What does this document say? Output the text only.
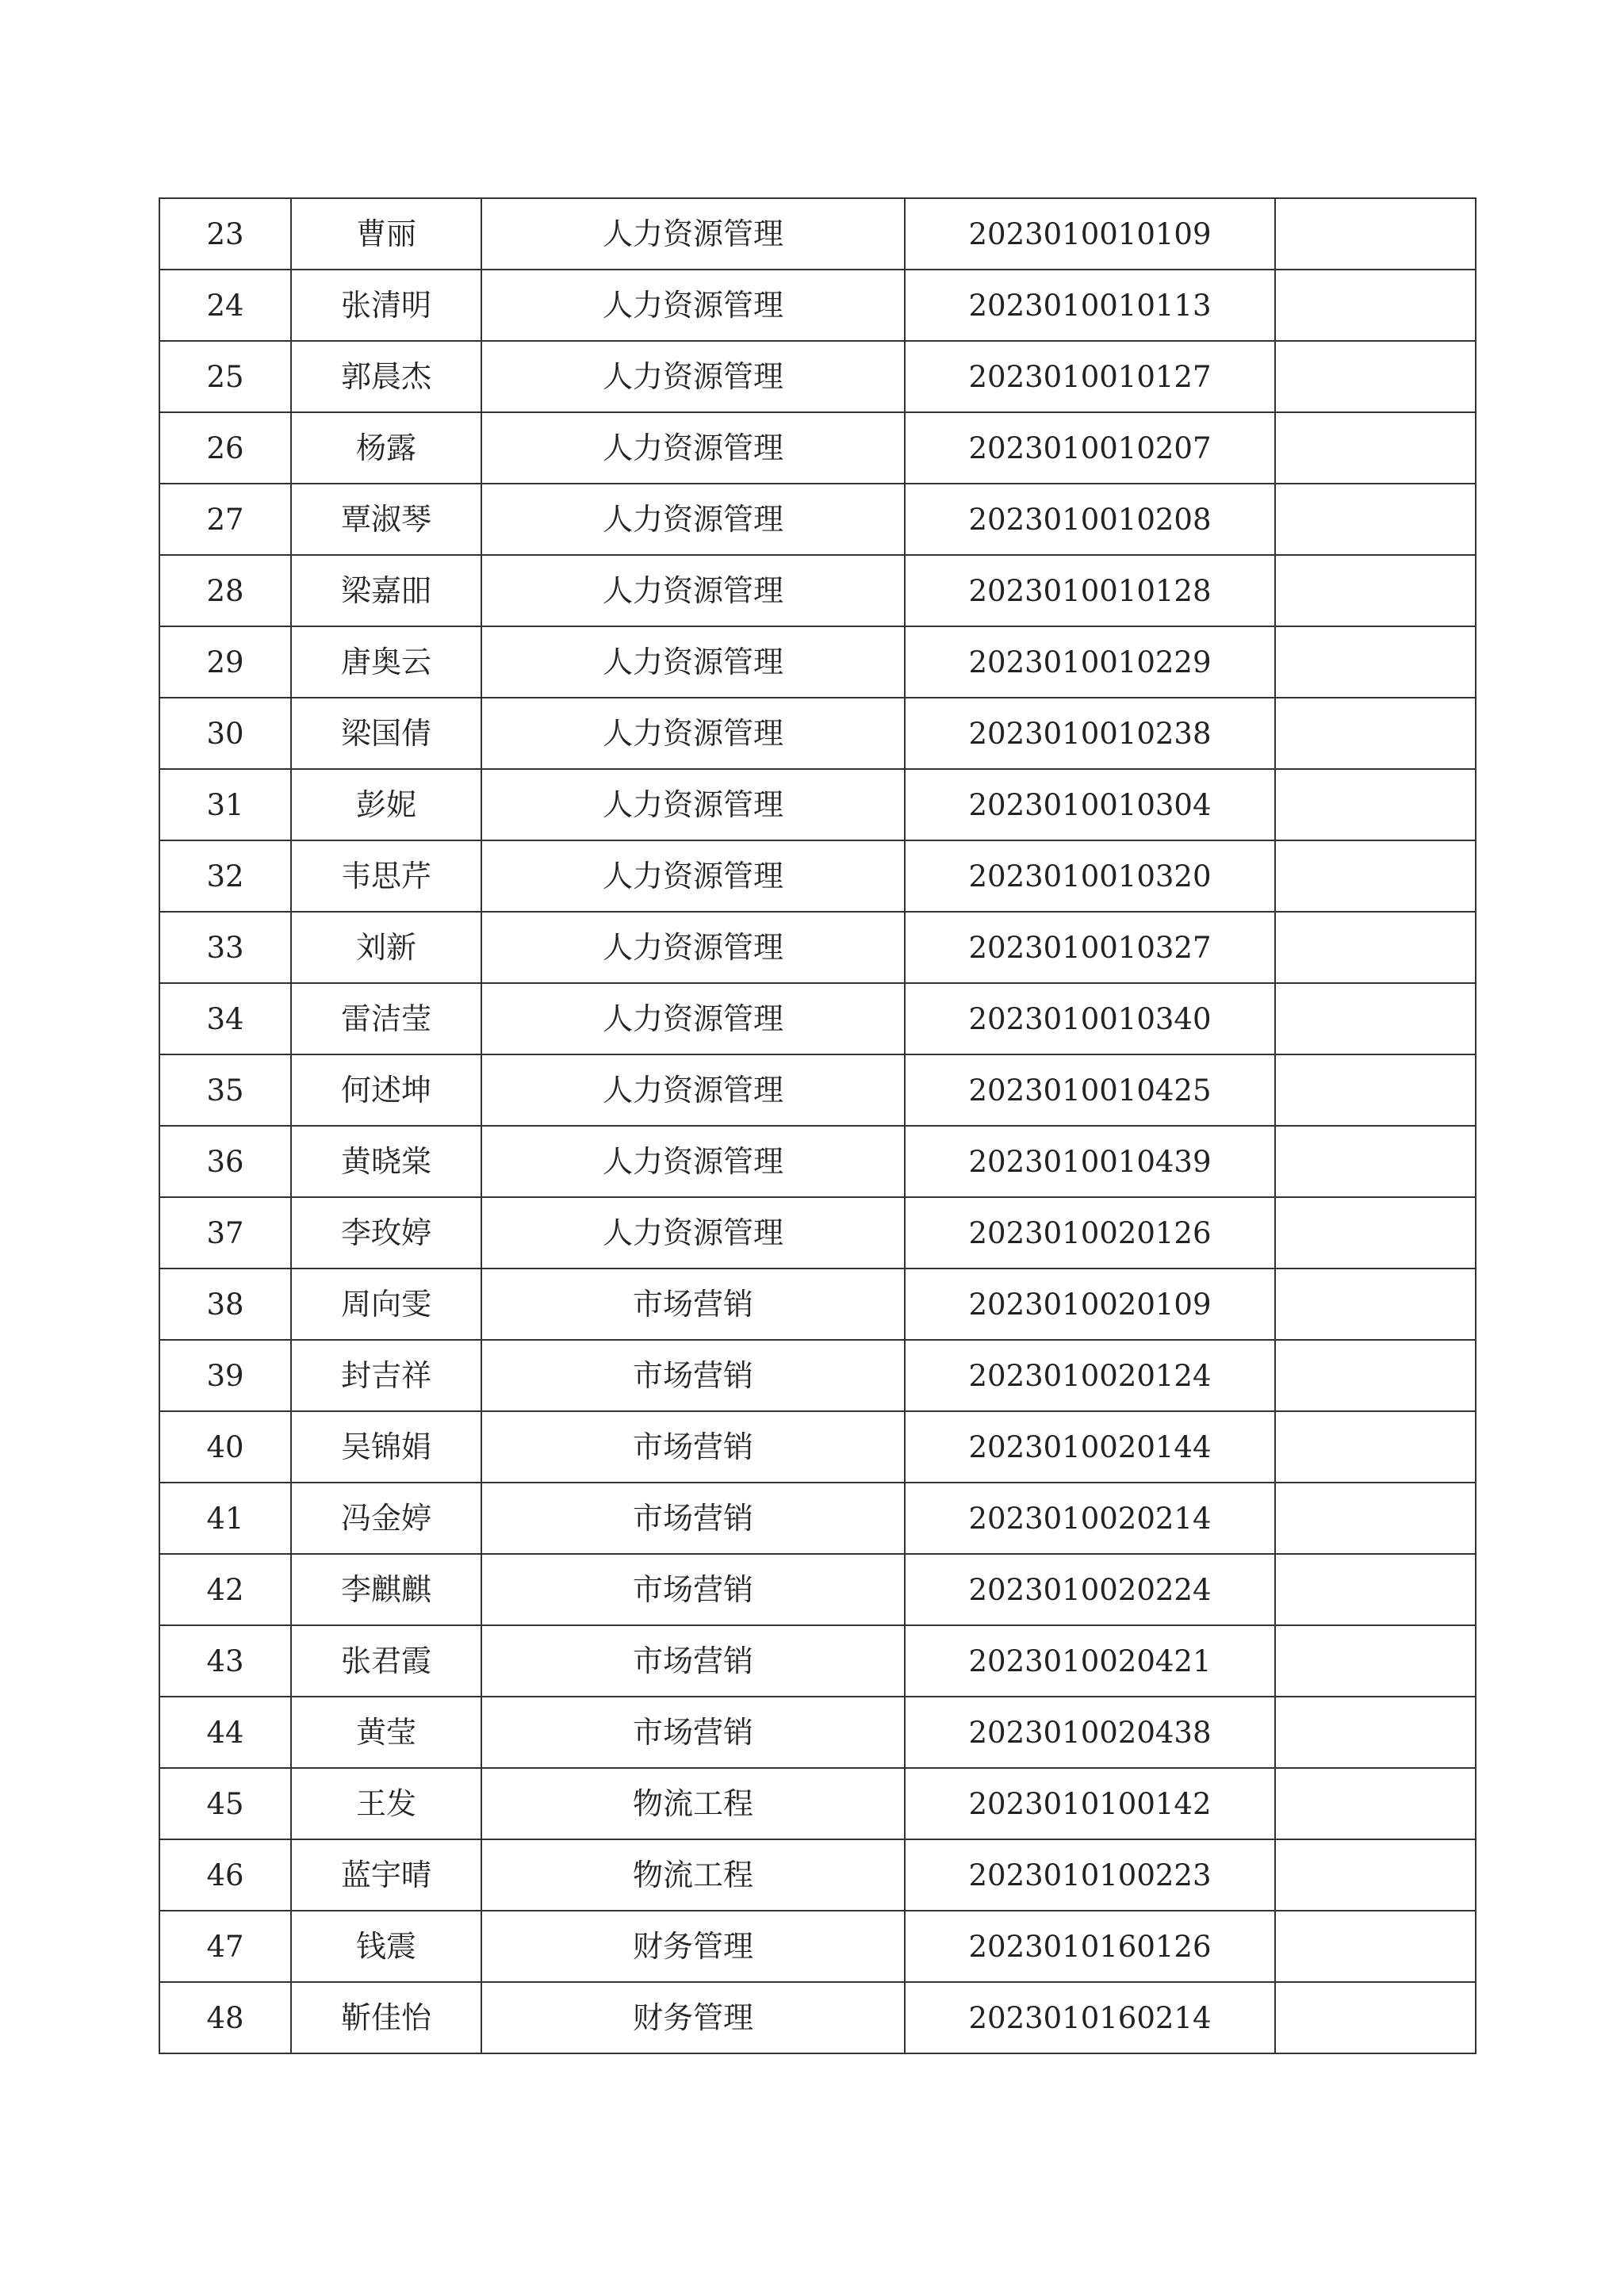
23	曹丽	人力资源管理	2023010010109	
24	张清明	人力资源管理	2023010010113	
25	郭晨杰	人力资源管理	2023010010127	
26	杨露	人力资源管理	2023010010207	
27	覃淑琴	人力资源管理	2023010010208	
28	梁嘉昍	人力资源管理	2023010010128	
29	唐奥云	人力资源管理	2023010010229	
30	梁国倩	人力资源管理	2023010010238	
31	彭妮	人力资源管理	2023010010304	
32	韦思芹	人力资源管理	2023010010320	
33	刘新	人力资源管理	2023010010327	
34	雷洁莹	人力资源管理	2023010010340	
35	何述坤	人力资源管理	2023010010425	
36	黄晓棠	人力资源管理	2023010010439	
37	李玫婷	人力资源管理	2023010020126	
38	周向雯	市场营销	2023010020109	
39	封吉祥	市场营销	2023010020124	
40	吴锦娟	市场营销	2023010020144	
41	冯金婷	市场营销	2023010020214	
42	李麒麒	市场营销	2023010020224	
43	张君霞	市场营销	2023010020421	
44	黄莹	市场营销	2023010020438	
45	王发	物流工程	2023010100142	
46	蓝宇晴	物流工程	2023010100223	
47	钱震	财务管理	2023010160126	
48	靳佳怡	财务管理	2023010160214	
